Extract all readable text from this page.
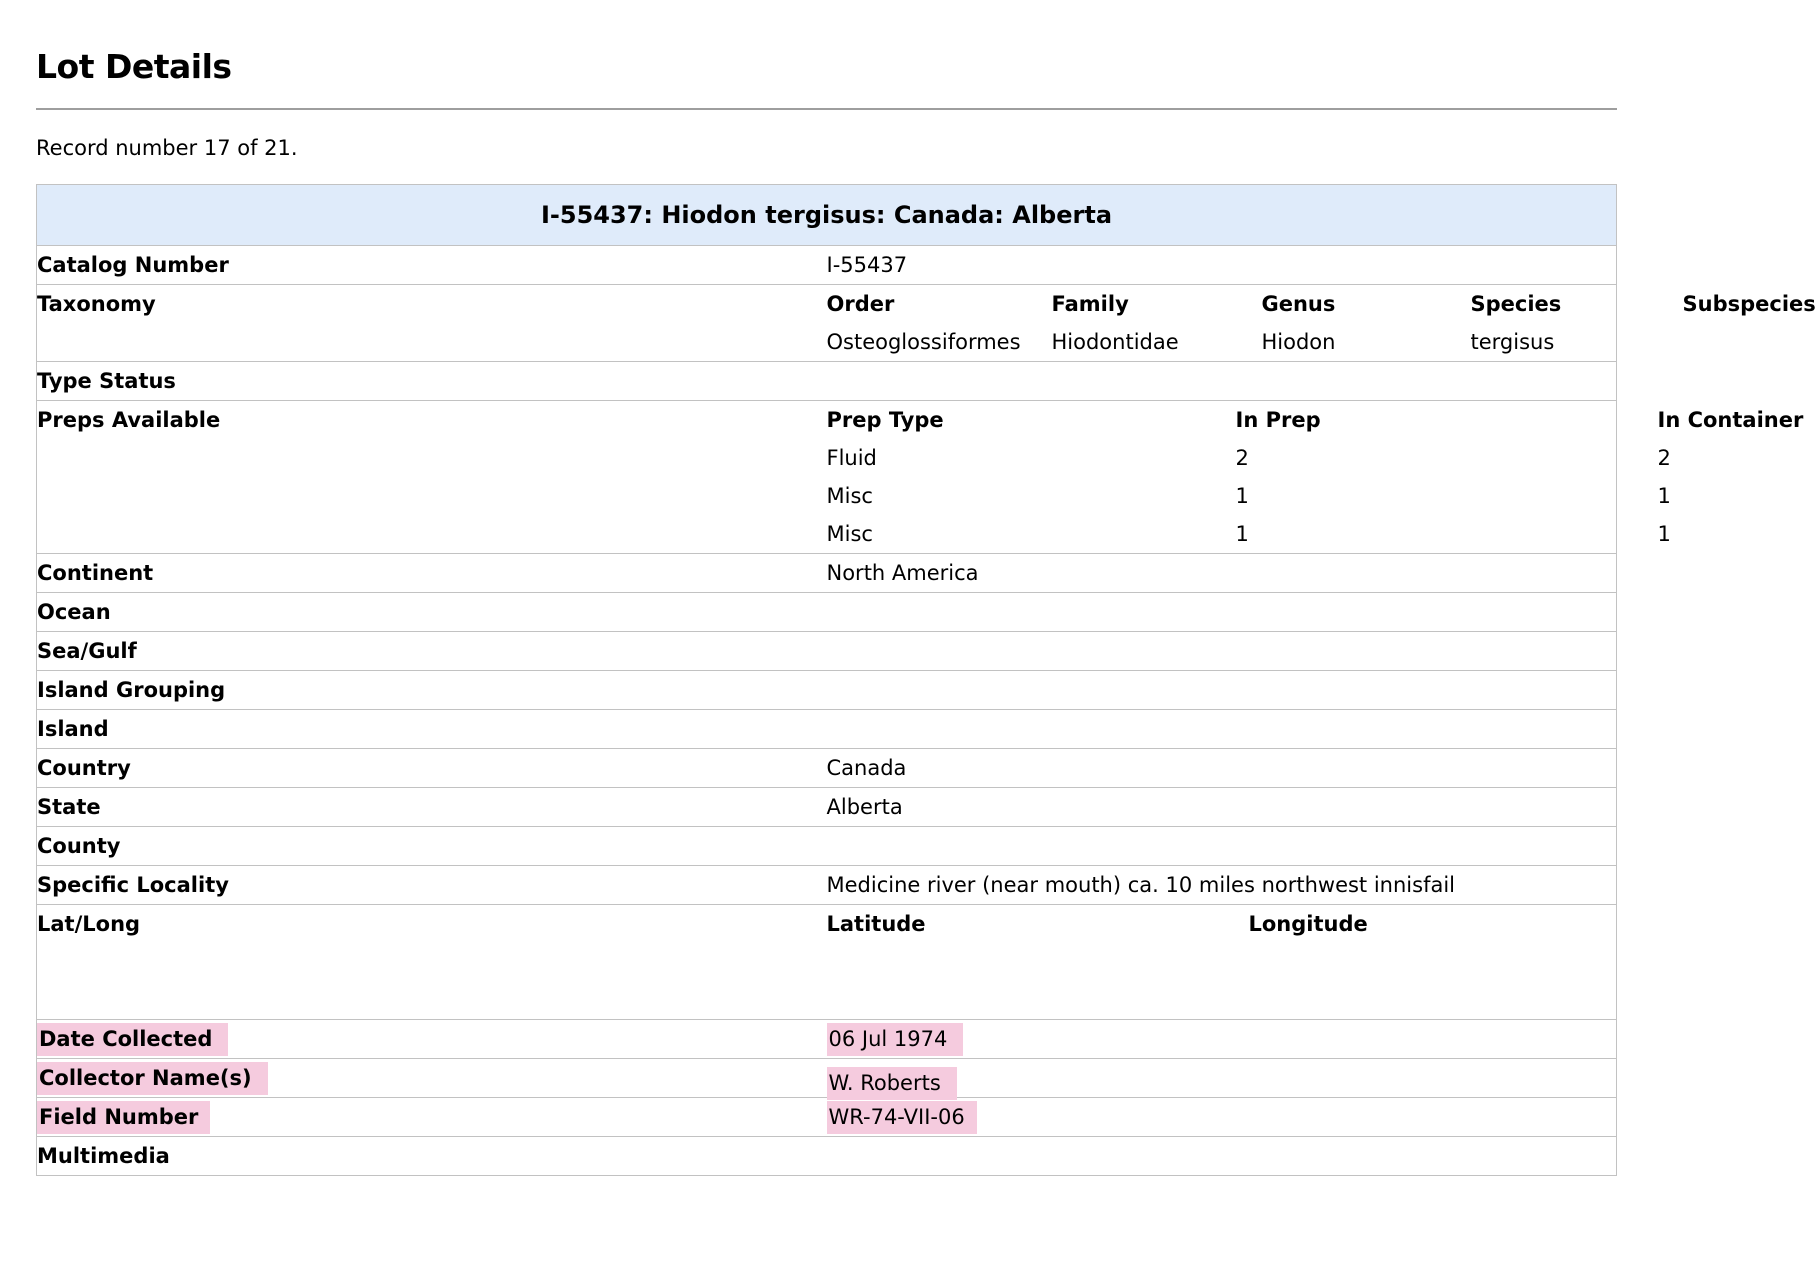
Lot Details

Record number 17 of 21.

I-55437: Hiodon tergisus: Canada: Alberta	
Catalog Number	I-55437
Taxonomy	Order	Family	Genus	Species	Subspecies
Osteoglossiformes	Hiodontidae	Hiodon	tergisus

Type Status	
Preps Available	Prep Type	In Prep	In Container
Fluid	2	2
Misc	1	1
Misc	1	1

Continent	North America
Ocean	
Sea/Gulf	
Island Grouping	
Island	
Country	Canada
State	Alberta
County	
Specific Locality	Medicine river (near mouth) ca. 10 miles northwest innisfail
Lat/Long	Latitude Longitude

Date Collected	06 Jul 1974
Collector Name(s)	W. Roberts
Field Number	WR-74-VII-06
Multimedia	
